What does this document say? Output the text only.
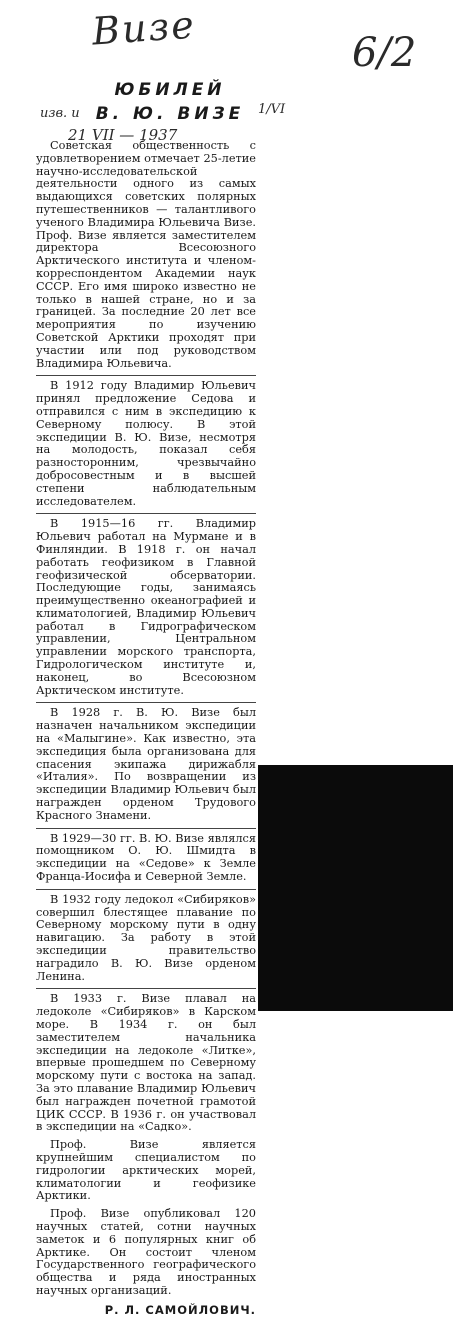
Визе	6/2
изв. и	1/VI
21 VII — 1937
ЮБИЛЕЙ
В. Ю. ВИЗЕ

Советская общественность с удовлетворением отмечает 25-летие научно-исследовательской деятельности одного из самых выдающихся советских полярных путешественников — талантливого ученого Владимира Юльевича Визе. Проф. Визе является заместителем директора Всесоюзного Арктического института и членом-корреспондентом Академии наук СССР. Его имя широко известно не только в нашей стране, но и за границей. За последние 20 лет все мероприятия по изучению Советской Арктики проходят при участии или под руководством Владимира Юльевича.

В 1912 году Владимир Юльевич принял предложение Седова и отправился с ним в экспедицию к Северному полюсу. В этой экспедиции В. Ю. Визе, несмотря на молодость, показал себя разносторонним, чрезвычайно добросовестным и в высшей степени наблюдательным исследователем.

В 1915—16 гг. Владимир Юльевич работал на Мурмане и в Финляндии. В 1918 г. он начал работать геофизиком в Главной геофизической обсерватории. Последующие годы, занимаясь преимущественно океанографией и климатологией, Владимир Юльевич работал в Гидрографическом управлении, Центральном управлении морского транспорта, Гидрологическом институте и, наконец, во Всесоюзном Арктическом институте.

В 1928 г. В. Ю. Визе был назначен начальником экспедиции на «Малыгине». Как известно, эта экспедиция была организована для спасения экипажа дирижабля «Италия». По возвращении из экспедиции Владимир Юльевич был награжден орденом Трудового Красного Знамени.

В 1929—30 гг. В. Ю. Визе являлся помощником О. Ю. Шмидта в экспедиции на «Седове» к Земле Франца-Иосифа и Северной Земле.

В 1932 году ледокол «Сибиряков» совершил блестящее плавание по Северному морскому пути в одну навигацию. За работу в этой экспедиции правительство наградило В. Ю. Визе орденом Ленина.

В 1933 г. Визе плавал на ледоколе «Сибиряков» в Карском море. В 1934 г. он был заместителем начальника экспедиции на ледоколе «Литке», впервые прошедшем по Северному морскому пути с востока на запад. За это плавание Владимир Юльевич был награжден почетной грамотой ЦИК СССР. В 1936 г. он участвовал в экспедиции на «Садко».

Проф. Визе является крупнейшим специалистом по гидрологии арктических морей, климатологии и геофизике Арктики.

Проф. Визе опубликовал 120 научных статей, сотни научных заметок и 6 популярных книг об Арктике. Он состоит членом Государственного географического общества и ряда иностранных научных организаций.

Р. Л. САМОЙЛОВИЧ.
